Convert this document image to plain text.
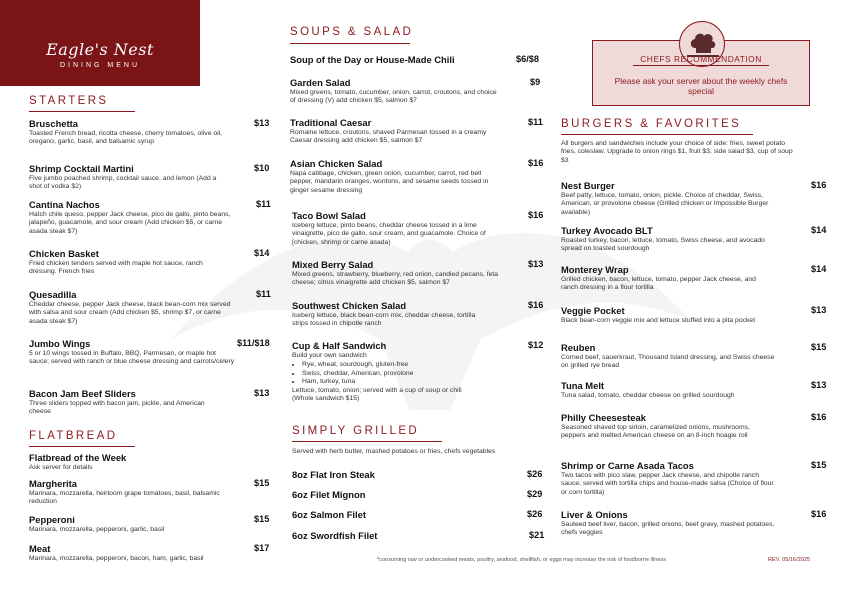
Eagle's Nest
DINING MENU
STARTERS
Bruschetta	$13
Toasted French bread, ricotta cheese, cherry tomatoes, olive oil, oregano, garlic, basil, and balsamic syrup
Shrimp Cocktail Martini	$10
Five jumbo poached shrimp, cocktail sauce, and lemon (Add a shot of vodka $2)
Cantina Nachos	$11
Hatch chile queso, pepper Jack cheese, pico de gallo, pinto beans, jalapeño, guacamole, and sour cream (Add chicken $5, or carne asada steak $7)
Chicken Basket	$14
Fried chicken tenders served with maple hot sauce, ranch dressing. French fries
Quesadilla	$11
Cheddar cheese, pepper Jack cheese, black bean-corn mix served with salsa and sour cream (Add chicken $5, shrimp $7, or carne asada steak $7)
Jumbo Wings	$11/$18
5 or 10 wings tossed in Buffalo, BBQ, Parmesan, or maple hot sauce; served with ranch or blue cheese dressing and carrots/celery
Bacon Jam Beef Sliders	$13
Three sliders topped with bacon jam, pickle, and American cheese
FLATBREAD
Flatbread of the Week
Ask server for details
Margherita	$15
Marinara, mozzarella, heirloom grape tomatoes, basil, balsamic reduction
Pepperoni	$15
Marinara, mozzarella, pepperoni, garlic, basil
Meat	$17
Marinara, mozzarella, pepperoni, bacon, ham, garlic, basil
SOUPS & SALAD
Soup of the Day or House-Made Chili	$6/$8
Garden Salad	$9
Mixed greens, tomato, cucumber, onion, carrot, croutons, and choice of dressing (V) add chicken $5, salmon $7
Traditional Caesar	$11
Romaine lettuce, croutons, shaved Parmesan tossed in a creamy Caesar dressing add chicken $5, salmon $7
Asian Chicken Salad	$16
Napa cabbage, chicken, green onion, cucumber, carrot, red bell pepper, mandarin oranges, wontons, and sesame seeds tossed in ginger sesame dressing
Taco Bowl Salad	$16
Iceberg lettuce, pinto beans, cheddar cheese tossed in a lime vinaigrette, pico de gallo, sour cream, and guacamole. Choice of [chicken, shrimp or carne asada)
Mixed Berry Salad	$13
Mixed greens, strawberry, blueberry, red onion, candied pecans, feta cheese; citrus vinaigrette add chicken $5, salmon $7
Southwest Chicken Salad	$16
Iceberg lettuce, black bean-corn mix, cheddar cheese, tortilla strips tossed in chipotle ranch
Cup & Half Sandwich	$12
Build your own sandwich
• Rye, wheat, sourdough, gluten-free
• Swiss, cheddar, American, provolone
• Ham, turkey, tuna
Lettuce, tomato, onion; served with a cup of soup or chili (Whole sandwich $15)
SIMPLY GRILLED
Served with herb butter, mashed potatoes or fries, chefs vegetables
8oz Flat Iron Steak	$26
6oz Filet Mignon	$29
6oz Salmon Filet	$26
6oz Swordfish Filet	$21
CHEFS RECOMMENDATION
Please ask your server about the weekly chefs special
BURGERS & FAVORITES
All burgers and sandwiches include your choice of side: fries, sweet potato fries, coleslaw. Upgrade to onion rings $1, fruit $3, side salad $3, cup of soup $3
Nest Burger	$16
Beef patty, lettuce, tomato, onion, pickle. Choice of cheddar, Swiss, American, or provolone cheese (Grilled chicken or Impossible Burger available)
Turkey Avocado BLT	$14
Roasted turkey, bacon, lettuce, tomato, Swiss cheese, and avocado spread on toasted sourdough
Monterey Wrap	$14
Grilled chicken, bacon, lettuce, tomato, pepper Jack cheese, and ranch dressing in a flour tortilla
Veggie Pocket	$13
Black bean-corn veggie mix and lettuce stuffed into a pita pocket
Reuben	$15
Corned beef, sauerkraut, Thousand Island dressing, and Swiss cheese on grilled rye bread
Tuna Melt	$13
Tuna salad, tomato, cheddar cheese on grilled sourdough
Philly Cheesesteak	$16
Seasoned shaved top sirloin, caramelized onions, mushrooms, peppers and melted American cheese on an 8-inch hoagie roll
Shrimp or Carne Asada Tacos	$15
Two tacos with pico slaw, pepper Jack cheese, and chipotle ranch sauce; served with tortilla chips and house-made salsa (Choice of flour or corn tortilla)
Liver & Onions	$16
Sauteed beef liver, bacon, grilled onions, beef gravy, mashed potatoes, chefs veggies
*consuming raw or undercooked meats, poultry, seafood, shellfish, or eggs may increase the risk of foodborne illness	REV. 05/16/2025
